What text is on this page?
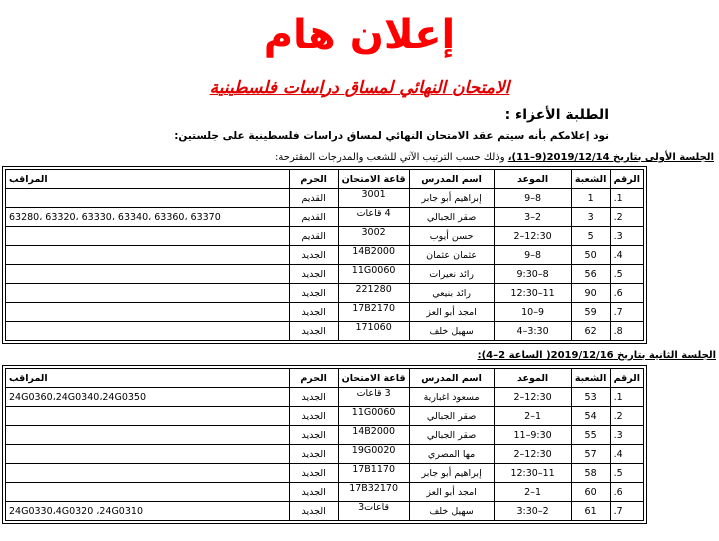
إعلان هام
الامتحان النهائي لمساق دراسات فلسطينية
الطلبة الأعزاء :
نود إعلامكم بأنه سيتم عقد الامتحان النهائي لمساق دراسات فلسطينية على جلستين:
الجلسة الأولى بتاريخ 2019/12/14(9–11)، وذلك حسب الترتيب الآتي للشعب والمدرجات المقترحة:
الرقم	الشعبة	الموعد	اسم المدرس	قاعة الامتحان	الحرم	المراقب
1.	1	8–9	إبراهيم أبو جابر	3001	القديم	
2.	3	2–3	صقر الجبالي	4 قاعات	القديم	63280، 63320، 63330، 63340، 63360، 63370
3.	5	12:30–2	حسن أيوب	3002	القديم	
4.	50	8–9	عثمان عثمان	14B2000	الجديد	
5.	56	8–9:30	رائد نعيرات	11G0060	الجديد	
6.	90	11–12:30	رائد بنيعي	221280	الجديد	
7.	59	9–10	امجد أبو العز	17B2170	الجديد	
8.	62	3:30–4	سهيل خلف	171060	الجديد	
الجلسة الثانية بتاريخ 2019/12/16( الساعة 2–4):
الرقم	الشعبة	الموعد	اسم المدرس	قاعة الامتحان	الحرم	المراقب
1.	53	12:30–2	مسعود اغبارية	3 قاعات	الجديد	24G0360،24G0340،24G0350
2.	54	1–2	صقر الجبالي	11G0060	الجديد	
3.	55	9:30–11	صقر الجبالي	14B2000	الجديد	
4.	57	12:30–2	مها المصري	19G0020	الجديد	
5.	58	11–12:30	إبراهيم أبو جابر	17B1170	الجديد	
6.	60	1–2	امجد أبو العز	17B32170	الجديد	
7.	61	2–3:30	سهيل خلف	قاعات3	الجديد	24G0330،4G0320 ،24G0310
